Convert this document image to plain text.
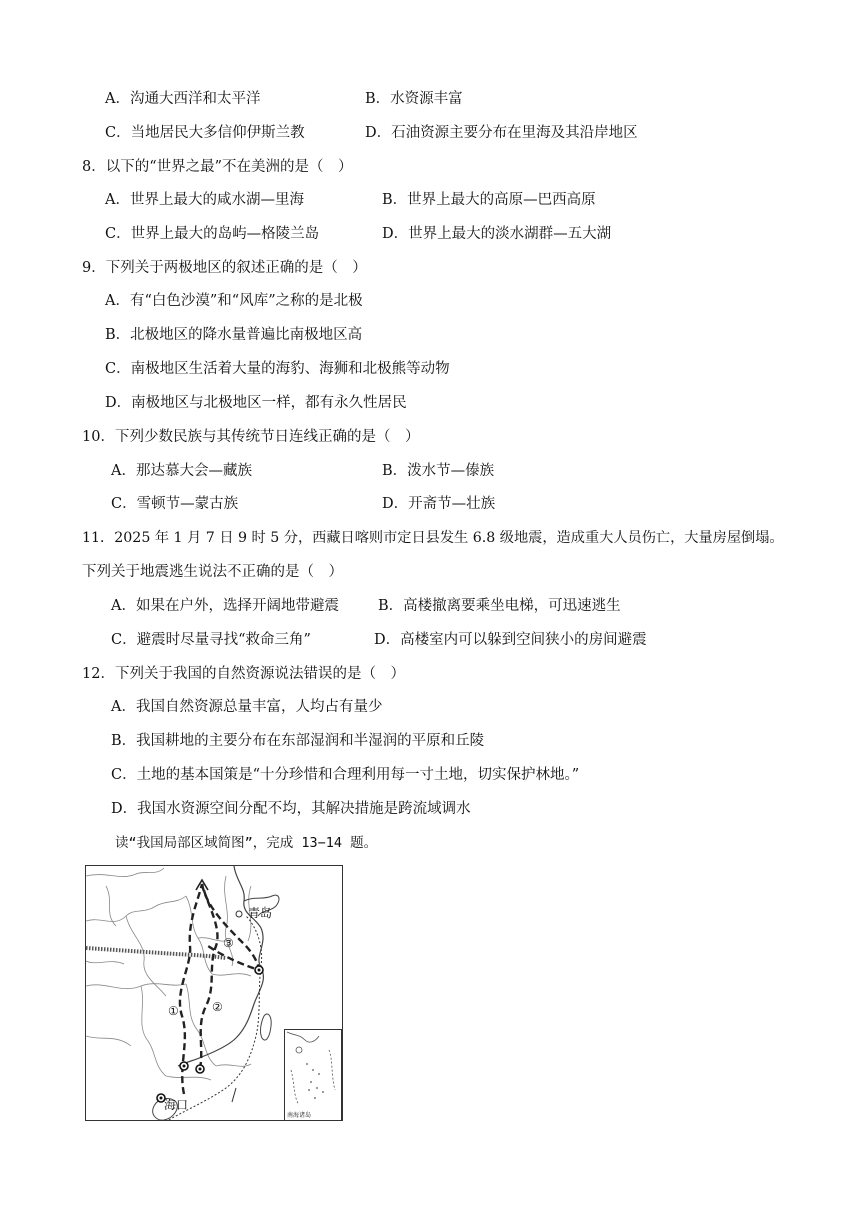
A．沟通大西洋和太平洋	B．水资源丰富
C．当地居民大多信仰伊斯兰教	D．石油资源主要分布在里海及其沿岸地区
8．以下的“世界之最”不在美洲的是（　）
A．世界上最大的咸水湖—里海	B．世界上最大的高原—巴西高原
C．世界上最大的岛屿—格陵兰岛	D．世界上最大的淡水湖群—五大湖
9．下列关于两极地区的叙述正确的是（　）
A．有“白色沙漠”和“风库”之称的是北极
B．北极地区的降水量普遍比南极地区高
C．南极地区生活着大量的海豹、海狮和北极熊等动物
D．南极地区与北极地区一样，都有永久性居民
10．下列少数民族与其传统节日连线正确的是（　）
A．那达慕大会—藏族	B．泼水节—傣族
C．雪顿节—蒙古族	D．开斋节—壮族
11．2025 年 1 月 7 日 9 时 5 分，西藏日喀则市定日县发生 6.8 级地震，造成重大人员伤亡，大量房屋倒塌。
下列关于地震逃生说法不正确的是（　）
A．如果在户外，选择开阔地带避震	B．高楼撤离要乘坐电梯，可迅速逃生
C．避震时尽量寻找“救命三角”	D．高楼室内可以躲到空间狭小的房间避震
12．下列关于我国的自然资源说法错误的是（　）
A．我国自然资源总量丰富，人均占有量少
B．我国耕地的主要分布在东部湿润和半湿润的平原和丘陵
C．土地的基本国策是“十分珍惜和合理利用每一寸土地，切实保护林地。”
D．我国水资源空间分配不均，其解决措施是跨流域调水
读“我国局部区域简图”，完成 13−14 题。
青岛
海口
①	②
③
南海诸岛
